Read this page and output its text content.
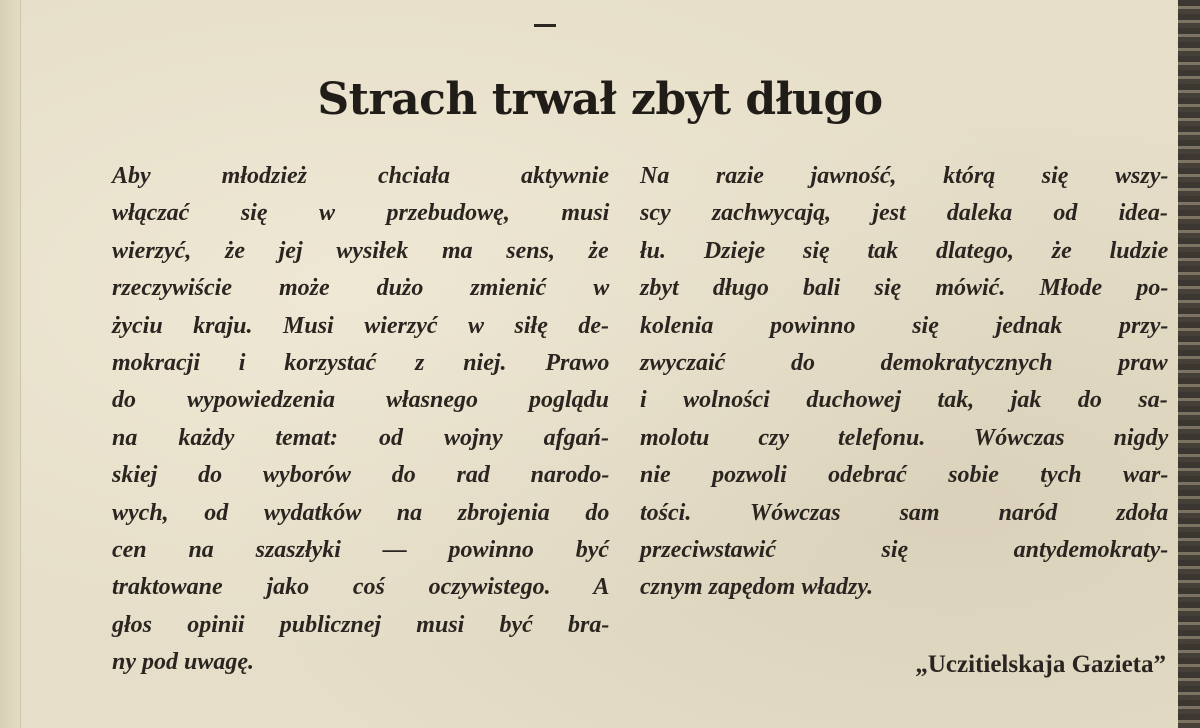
Strach trwał zbyt długo
Aby młodzież chciała aktywnie
włączać się w przebudowę, musi
wierzyć, że jej wysiłek ma sens, że
rzeczywiście może dużo zmienić w
życiu kraju. Musi wierzyć w siłę de-
mokracji i korzystać z niej. Prawo
do wypowiedzenia własnego poglądu
na każdy temat: od wojny afgań-
skiej do wyborów do rad narodo-
wych, od wydatków na zbrojenia do
cen na szaszłyki — powinno być
traktowane jako coś oczywistego. A
głos opinii publicznej musi być bra-
ny pod uwagę.
Na razie jawność, którą się wszy-
scy zachwycają, jest daleka od idea-
łu. Dzieje się tak dlatego, że ludzie
zbyt długo bali się mówić. Młode po-
kolenia powinno się jednak przy-
zwyczaić do demokratycznych praw
i wolności duchowej tak, jak do sa-
molotu czy telefonu. Wówczas nigdy
nie pozwoli odebrać sobie tych war-
tości. Wówczas sam naród zdoła
przeciwstawić się antydemokraty-
cznym zapędom władzy.
„Uczitielskaja Gazieta”
